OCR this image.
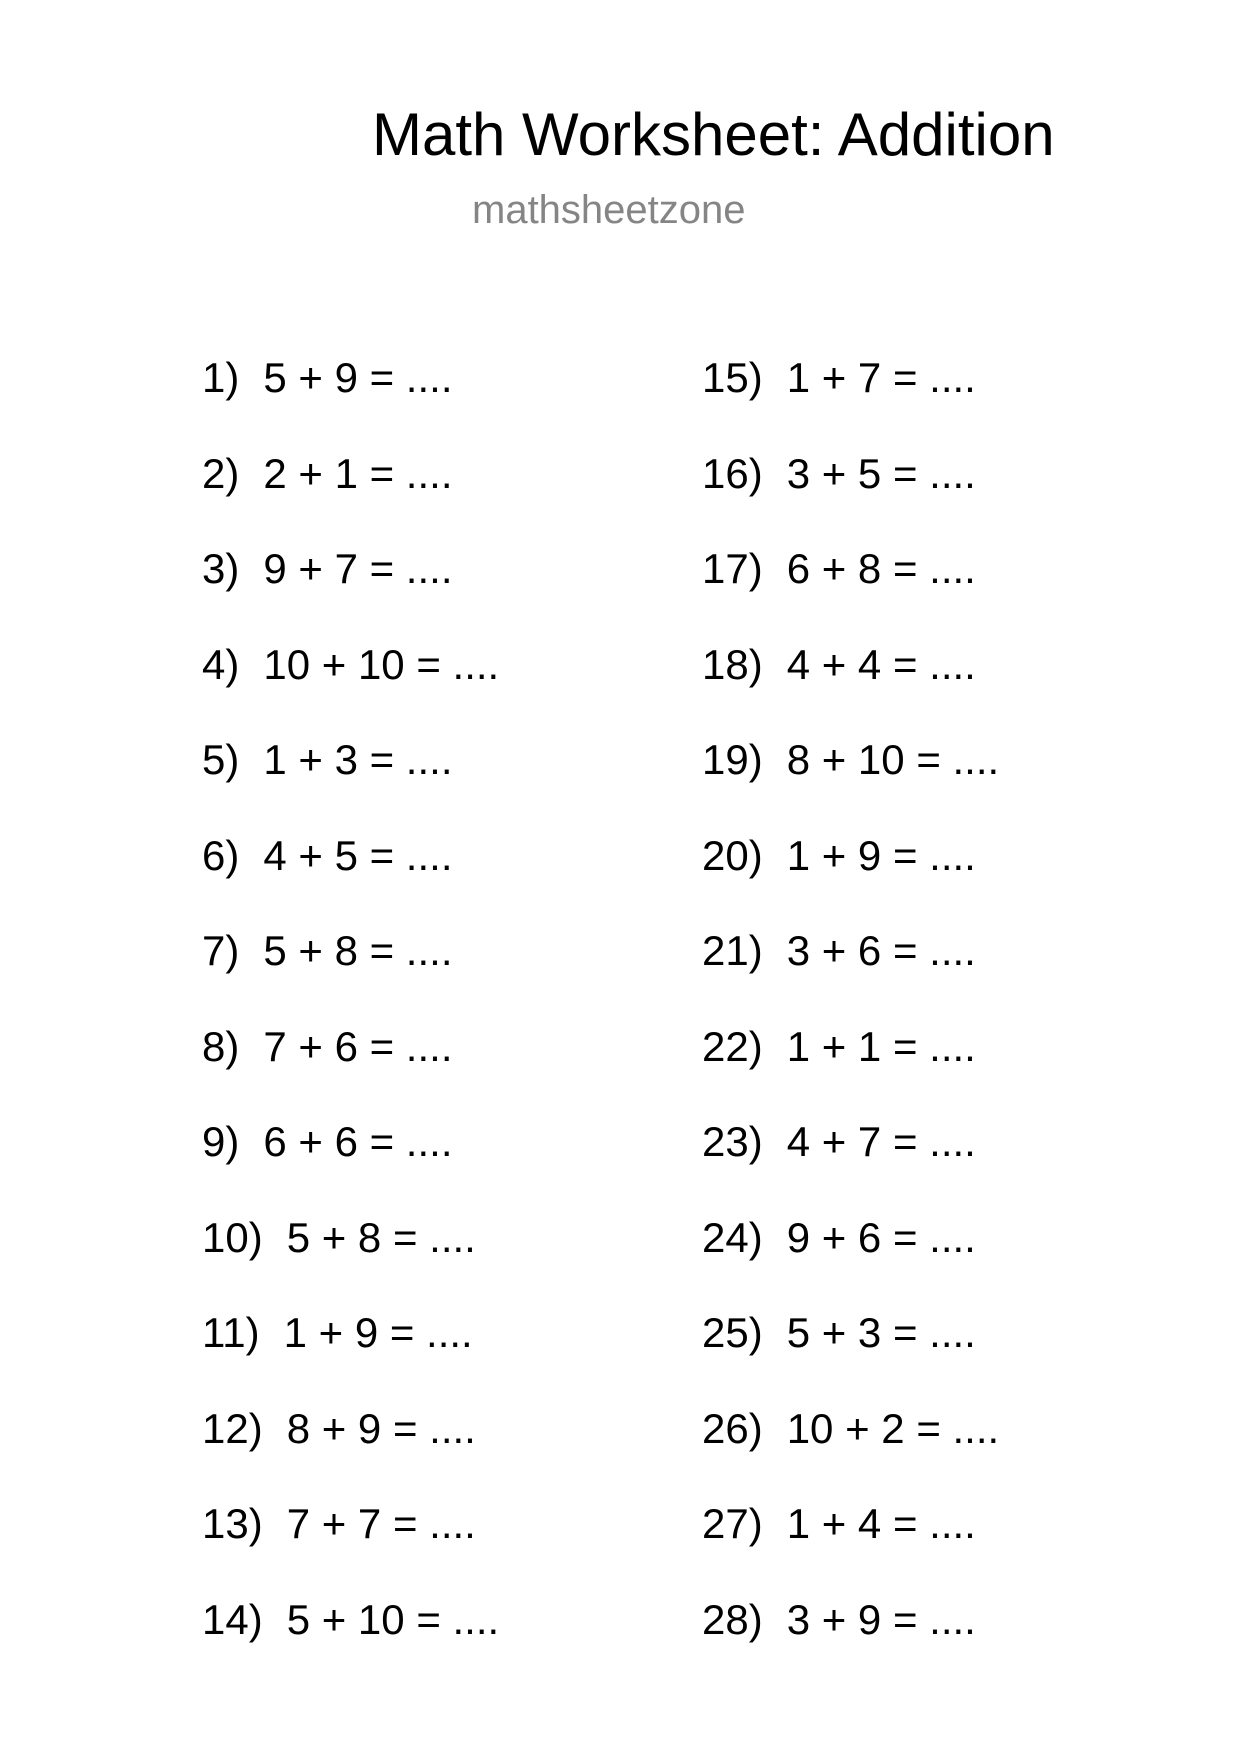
Math Worksheet: Addition
mathsheetzone
1) 5 + 9 = ....
2) 2 + 1 = ....
3) 9 + 7 = ....
4) 10 + 10 = ....
5) 1 + 3 = ....
6) 4 + 5 = ....
7) 5 + 8 = ....
8) 7 + 6 = ....
9) 6 + 6 = ....
10) 5 + 8 = ....
11) 1 + 9 = ....
12) 8 + 9 = ....
13) 7 + 7 = ....
14) 5 + 10 = ....
15) 1 + 7 = ....
16) 3 + 5 = ....
17) 6 + 8 = ....
18) 4 + 4 = ....
19) 8 + 10 = ....
20) 1 + 9 = ....
21) 3 + 6 = ....
22) 1 + 1 = ....
23) 4 + 7 = ....
24) 9 + 6 = ....
25) 5 + 3 = ....
26) 10 + 2 = ....
27) 1 + 4 = ....
28) 3 + 9 = ....
